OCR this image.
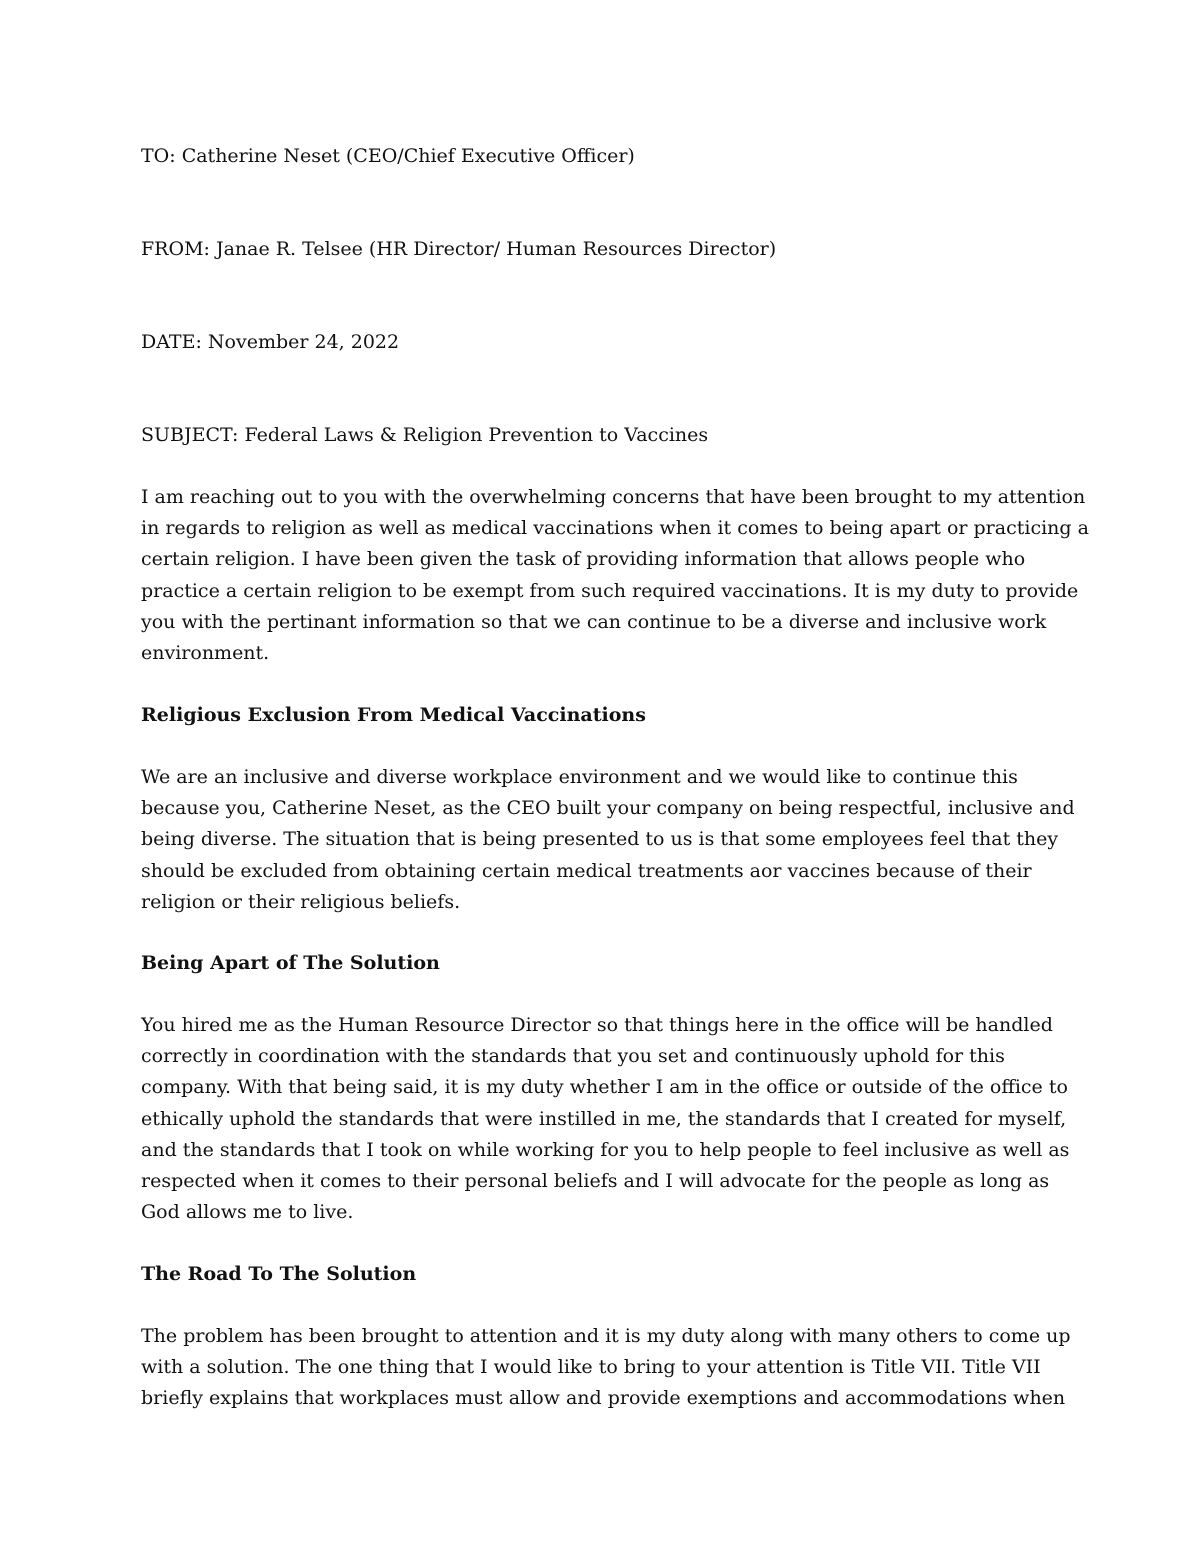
TO: Catherine Neset (CEO/Chief Executive Officer)

FROM: Janae R. Telsee (HR Director/ Human Resources Director)

DATE: November 24, 2022

SUBJECT: Federal Laws & Religion Prevention to Vaccines

I am reaching out to you with the overwhelming concerns that have been brought to my attention
in regards to religion as well as medical vaccinations when it comes to being apart or practicing a
certain religion. I have been given the task of providing information that allows people who
practice a certain religion to be exempt from such required vaccinations. It is my duty to provide
you with the pertinant information so that we can continue to be a diverse and inclusive work
environment.
Religious Exclusion From Medical Vaccinations
We are an inclusive and diverse workplace environment and we would like to continue this
because you, Catherine Neset, as the CEO built your company on being respectful, inclusive and
being diverse. The situation that is being presented to us is that some employees feel that they
should be excluded from obtaining certain medical treatments aor vaccines because of their
religion or their religious beliefs.
Being Apart of The Solution
You hired me as the Human Resource Director so that things here in the office will be handled
correctly in coordination with the standards that you set and continuously uphold for this
company. With that being said, it is my duty whether I am in the office or outside of the office to
ethically uphold the standards that were instilled in me, the standards that I created for myself,
and the standards that I took on while working for you to help people to feel inclusive as well as
respected when it comes to their personal beliefs and I will advocate for the people as long as
God allows me to live.
The Road To The Solution
The problem has been brought to attention and it is my duty along with many others to come up
with a solution. The one thing that I would like to bring to your attention is Title VII. Title VII
briefly explains that workplaces must allow and provide exemptions and accommodations when
